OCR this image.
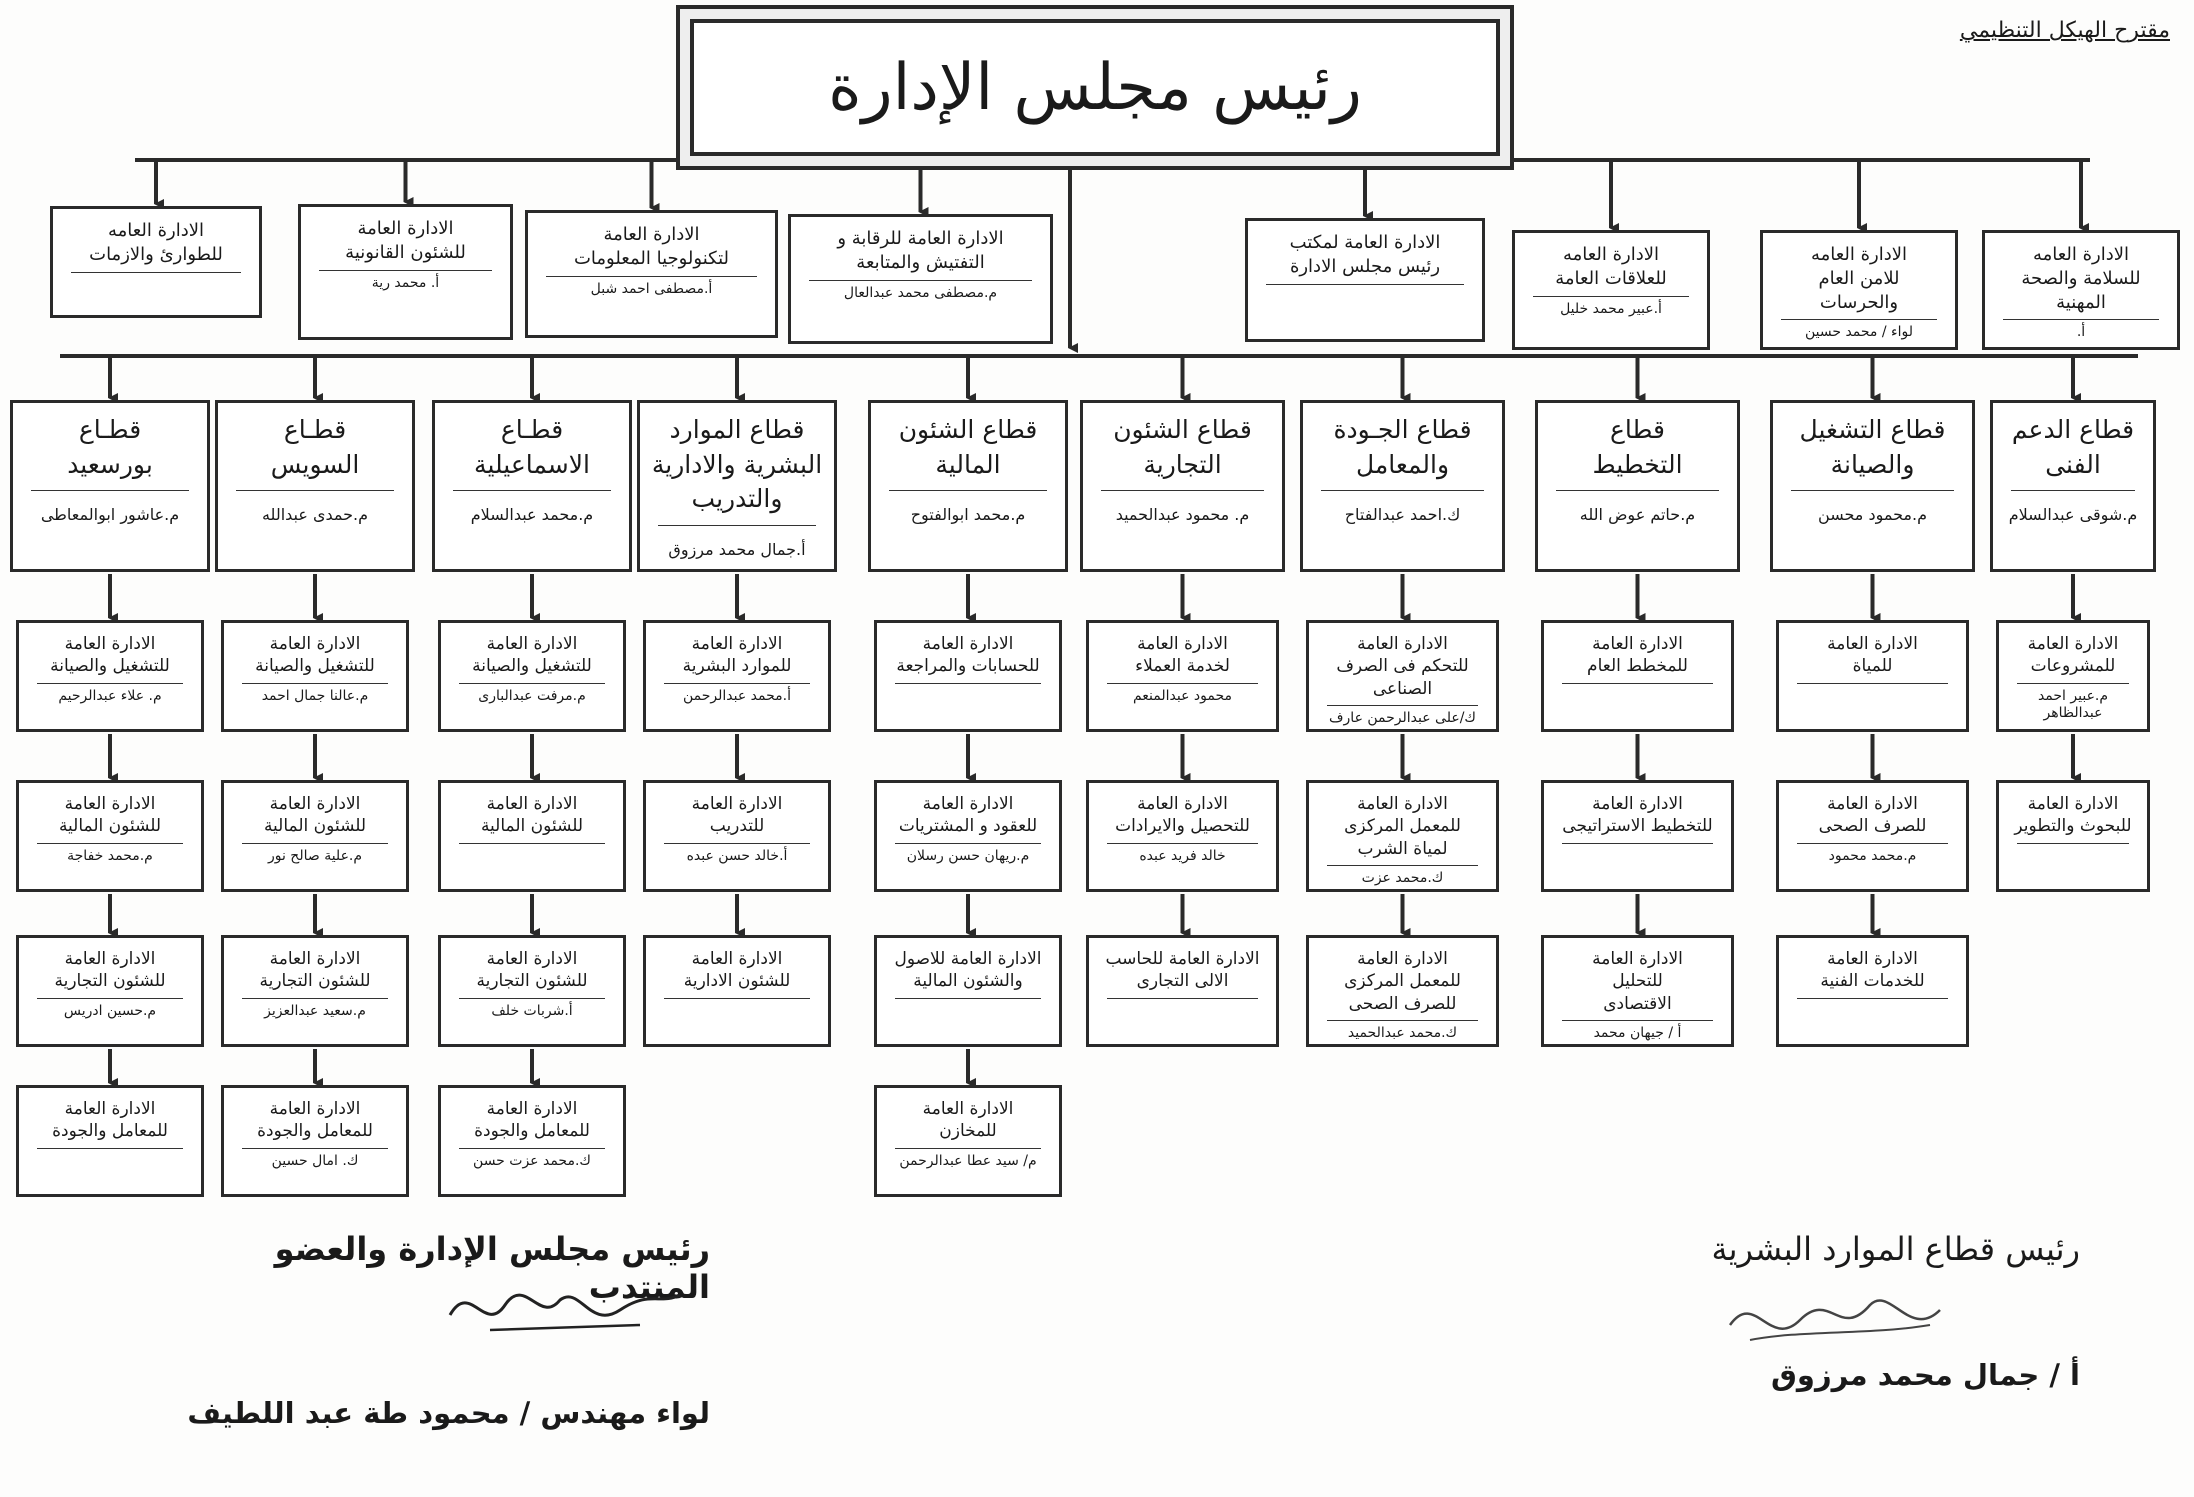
مقترح الهيكل التنظيمي
رئيس مجلس الإدارة
رئيس مجلس الإدارة والعضو المنتدب
لواء مهندس / محمود طة عبد اللطيف
رئيس قطاع الموارد البشرية
أ / جمال محمد مرزوق
الادارة العامه
للسلامة والصحة
المهنية
أ.
الادارة العامه
للامن العام
والحرسات
لواء / محمد حسين
الادارة العامه
للعلاقات العامة
أ.عبير محمد خليل
الادارة العامة لمكتب
رئيس مجلس الادارة
الادارة العامة للرقابة و
التفتيش والمتابعة
م.مصطفى محمد عبدالعال
الادارة العامة
لتكنولوجيا المعلومات
أ.مصطفى احمد شبل
الادارة العامة
للشئون القانونية
أ. محمد رية
الادارة العامه
للطوارئ والازمات
قطاع الدعم
الفنى
م.شوقى عبدالسلام
الادارة العامة
للمشروعات
م.عبير احمد عبدالظاهر
الادارة العامة
للبحوث والتطوير
قطاع التشغيل
والصيانة
م.محمود محسن
الادارة العامة
للمياة
الادارة العامة
للصرف الصحى
م.محمد محمود
الادارة العامة
للخدمات الفنية
قطاع
التخطيط
م.حاتم عوض الله
الادارة العامة
للمخطط العام
الادارة العامة
للتخطيط الاستراتيجى
الادارة العامة
للتحليل
الاقتصادى
أ / جيهان محمد
قطاع الجـودة
والمعامل
ك.احمد عبدالفتاح
الادارة العامة
للتحكم فى الصرف
الصناعى
ك/على عبدالرحمن عارف
الادارة العامة
للمعمل المركزى
لمياة الشرب
ك.محمد عزت
الادارة العامة
للمعمل المركزى
للصرف الصحى
ك.محمد عبدالحميد
قطاع الشئون
التجارية
م. محمود عبدالحميد
الادارة العامة
لخدمة العملاء
محمود عبدالمنعم
الادارة العامة
للتحصيل والايرادات
خالد فريد عبده
الادارة العامة للحاسب
الالى التجارى
قطاع الشئون
المالية
م.محمد ابوالفتوح
الادارة العامة
للحسابات والمراجعة
الادارة العامة
للعقود و المشتريات
م.ريهان حسن رسلان
الادارة العامة للاصول
والشئون المالية
الادارة العامة
للمخازن
م/ سيد عطا عبدالرحمن
قطاع الموارد
البشرية والادارية
والتدريب
أ.جمال محمد مرزوق
الادارة العامة
للموارد البشرية
أ.محمد عبدالرحمن
الادارة العامة
للتدريب
أ.خالد حسن عبده
الادارة العامة
للشئون الادارية
قطـاع
الاسماعيلية
م.محمد عبدالسلام
الادارة العامة
للتشغيل والصيانة
م.مرفت عبدالبارى
الادارة العامة
للشئون المالية
الادارة العامة
للشئون التجارية
أ.شربات خلف
الادارة العامة
للمعامل والجودة
ك.محمد عزت حسن
قطـاع
السويس
م.حمدى عبدالله
الادارة العامة
للتشغيل والصيانة
م.عالنا جمال احمد
الادارة العامة
للشئون المالية
م.علية صالح نور
الادارة العامة
للشئون التجارية
م.سعيد عبدالعزيز
الادارة العامة
للمعامل والجودة
ك. امال حسين
قطـاع
بورسعيد
م.عاشور ابوالمعاطى
الادارة العامة
للتشغيل والصيانة
م. علاء عبدالرحيم
الادارة العامة
للشئون المالية
م.محمد خفاجة
الادارة العامة
للشئون التجارية
م.حسين ادريس
الادارة العامة
للمعامل والجودة
